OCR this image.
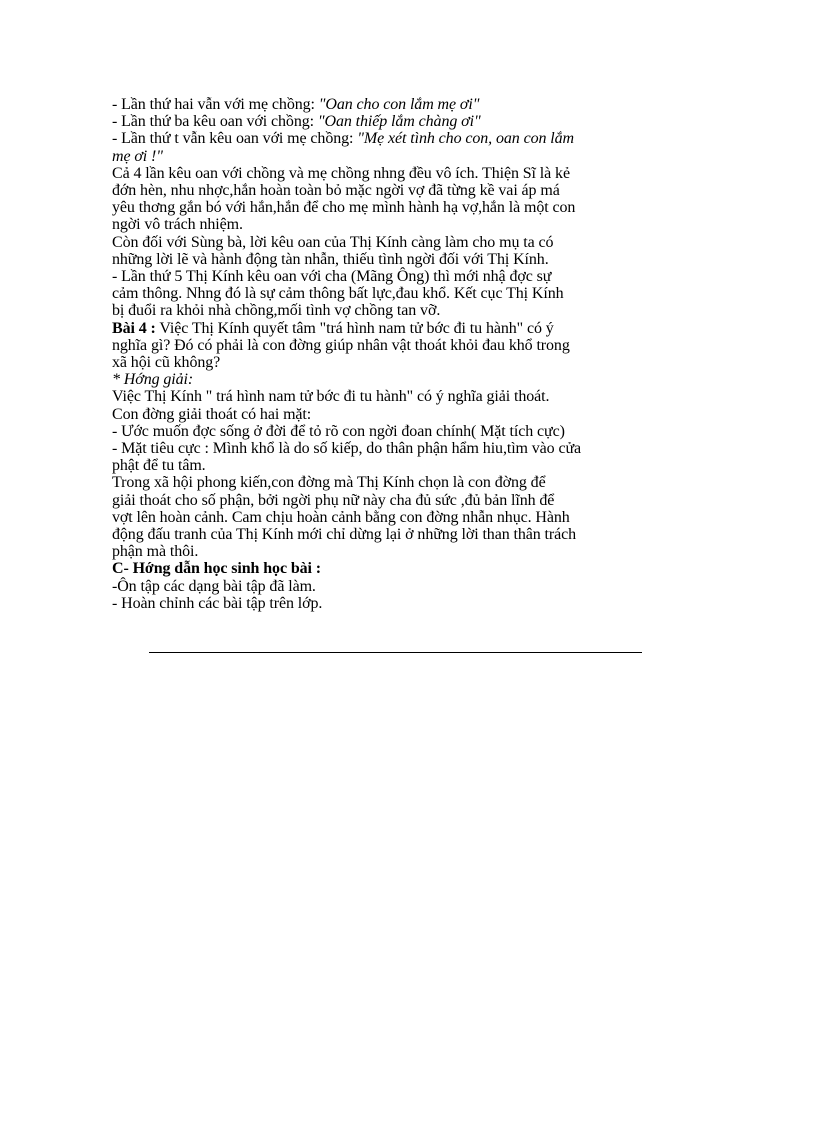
- Lần thứ hai vẫn với mẹ chồng: "Oan cho con lắm mẹ ơi"
- Lần thứ ba kêu oan với chồng: "Oan thiếp lắm chàng ơi"
- Lần thứ t vẫn kêu oan với mẹ chồng: "Mẹ xét tình cho con, oan con lắm
mẹ ơi !"
Cả 4 lần kêu oan với chồng và mẹ chồng nhng đều vô ích. Thiện Sĩ là kẻ
đớn hèn, nhu nhợc,hắn hoàn toàn bỏ mặc ngời vợ đã từng kề vai áp má
yêu thơng gắn bó với hắn,hắn để cho mẹ mình hành hạ vợ,hắn là một con
ngời vô trách nhiệm.
Còn đối với Sùng bà, lời kêu oan của Thị Kính càng làm cho mụ ta có
những lời lẽ và hành động tàn nhẫn, thiếu tình ngời đối với Thị Kính.
- Lần thứ 5 Thị Kính kêu oan với cha (Mãng Ông) thì mới nhậ đợc sự
cảm thông. Nhng đó là sự cảm thông bất lực,đau khổ. Kết cục Thị Kính
bị đuổi ra khỏi nhà chồng,mối tình vợ chồng tan vỡ.
Bài 4 : Việc Thị Kính quyết tâm "trá hình nam tử bớc đi tu hành" có ý
nghĩa gì? Đó có phải là con đờng giúp nhân vật thoát khỏi đau khổ trong
xã hội cũ không?
* Hớng giải:
Việc Thị Kính " trá hình nam tử bớc đi tu hành" có ý nghĩa giải thoát.
Con đờng giải thoát có hai mặt:
- Ước muốn đợc sống ở đời để tỏ rõ con ngời đoan chính( Mặt tích cực)
- Mặt tiêu cực : Mình khổ là do số kiếp, do thân phận hẩm hiu,tìm vào cửa
phật để tu tâm.
Trong xã hội phong kiến,con đờng mà Thị Kính chọn là con đờng để
giải thoát cho số phận, bởi ngời phụ nữ này cha đủ sức ,đủ bản lĩnh để
vợt lên hoàn cảnh. Cam chịu hoàn cảnh bằng con đờng nhẫn nhục. Hành
động đấu tranh của Thị Kính mới chỉ dừng lại ở những lời than thân trách
phận mà thôi.
C- Hớng dẫn học sinh học bài :
-Ôn tập các dạng bài tập đã làm.
- Hoàn chỉnh các bài tập trên lớp.
